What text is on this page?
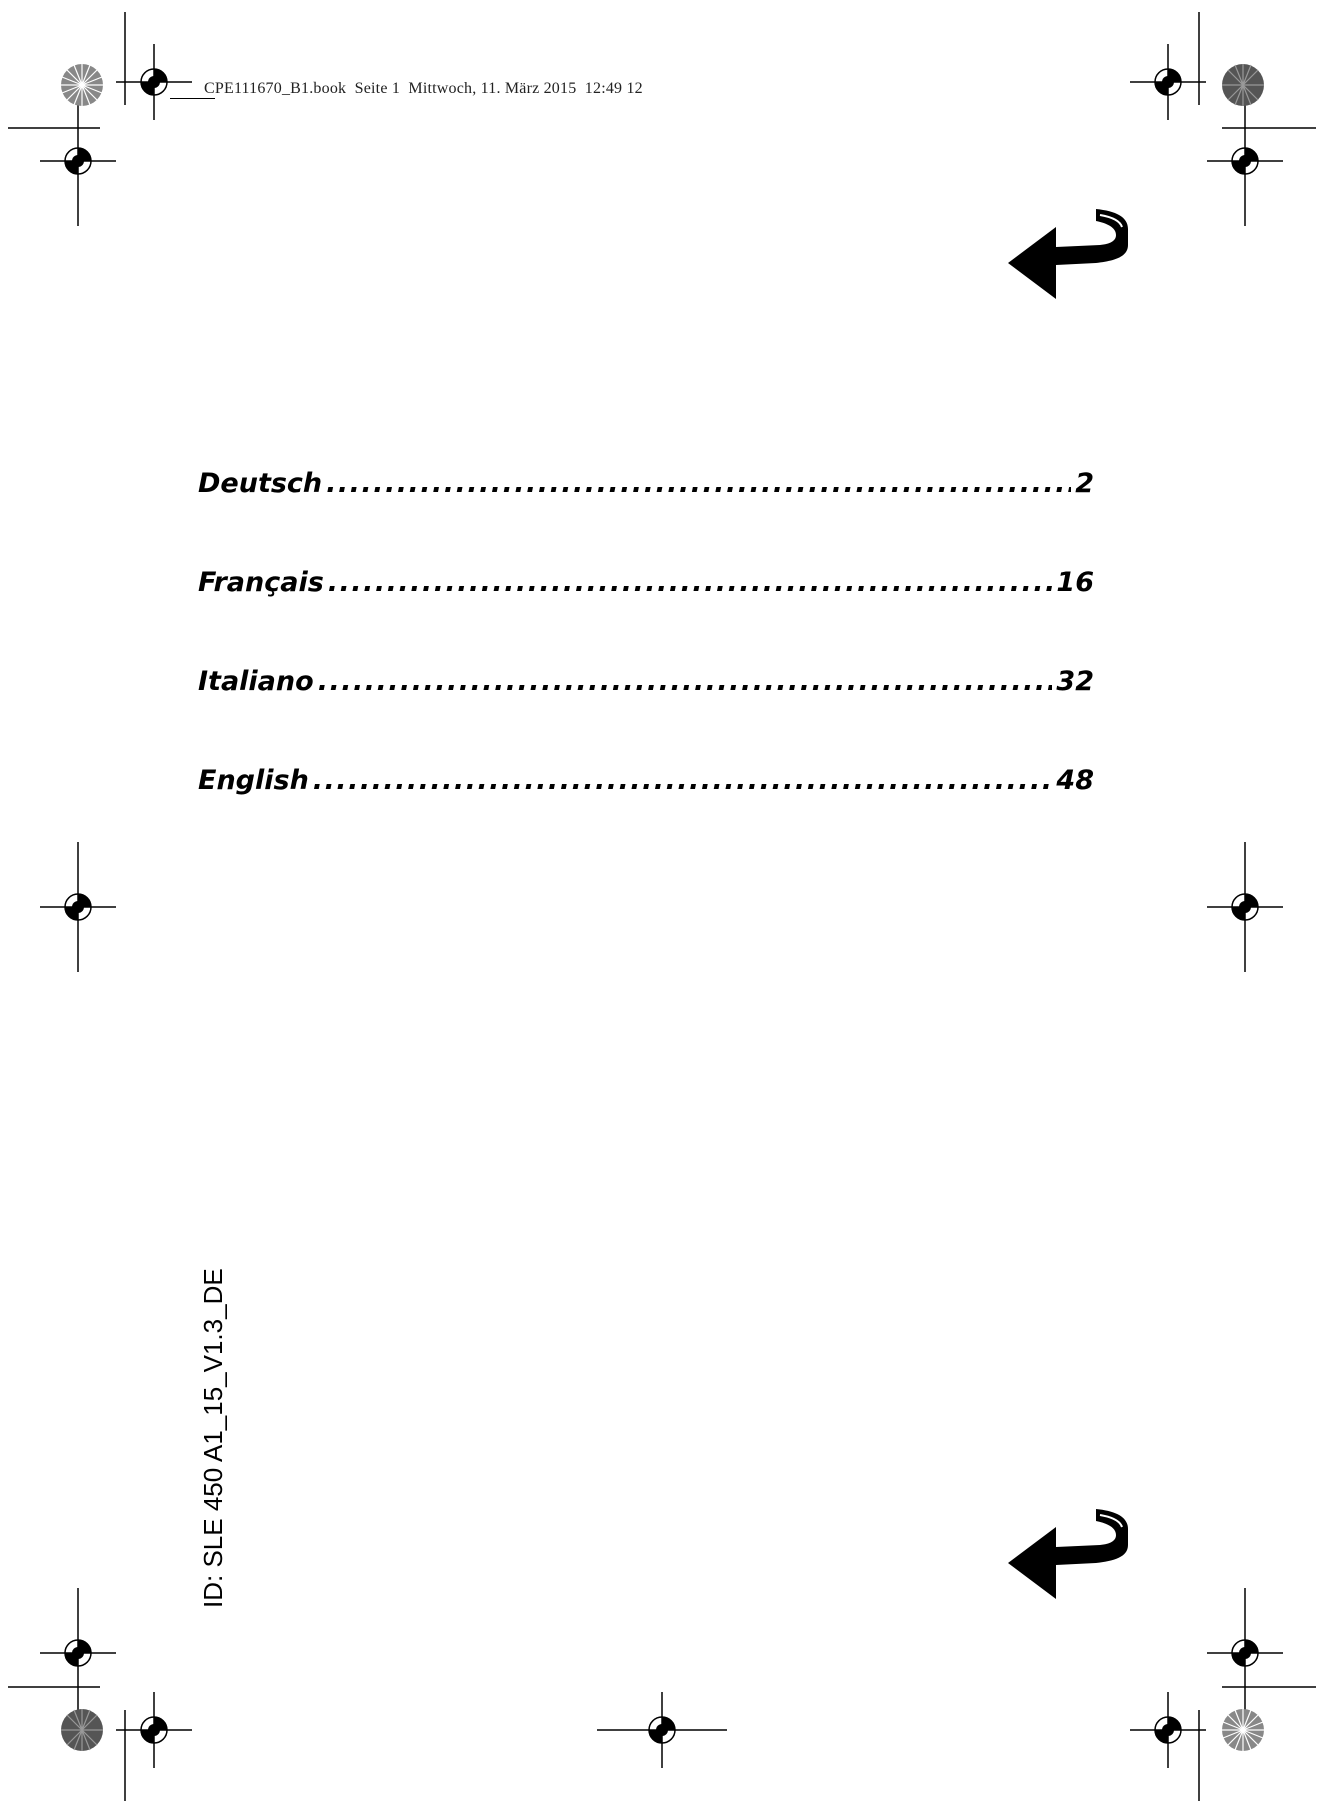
CPE111670_B1.book  Seite 1  Mittwoch, 11. März 2015  12:49 12
Deutsch .....	2
Français .....	16
Italiano .....	32
English .....	48
ID: SLE 450 A1_15_V1.3_DE
